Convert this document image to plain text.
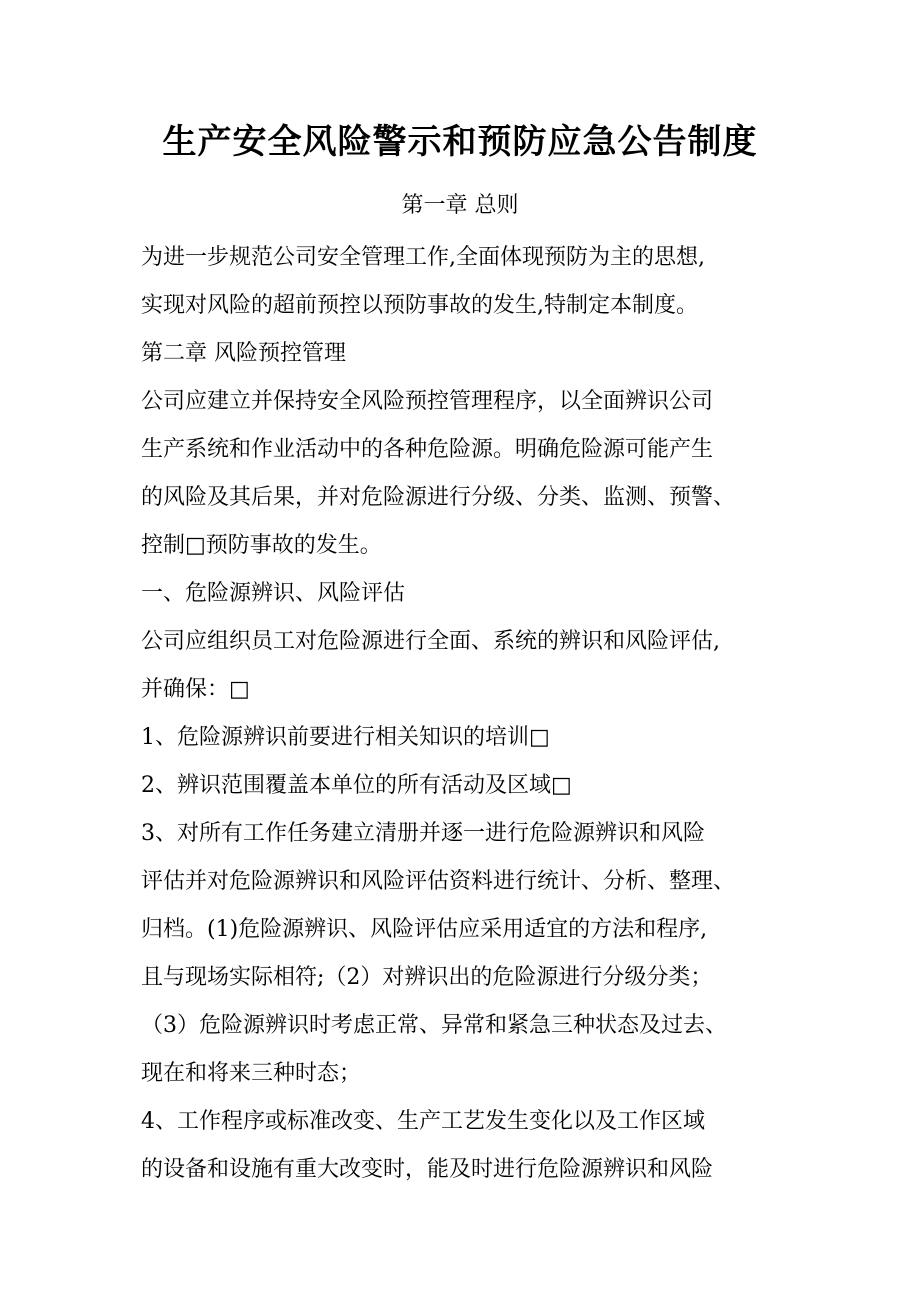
生产安全风险警示和预防应急公告制度
第一章 总则
为进一步规范公司安全管理工作,全面体现预防为主的思想,
实现对风险的超前预控以预防事故的发生,特制定本制度。
第二章 风险预控管理
公司应建立并保持安全风险预控管理程序，以全面辨识公司
生产系统和作业活动中的各种危险源。明确危险源可能产生
的风险及其后果，并对危险源进行分级、分类、监测、预警、
控制□预防事故的发生。
一、危险源辨识、风险评估
公司应组织员工对危险源进行全面、系统的辨识和风险评估,
并确保：□
1、危险源辨识前要进行相关知识的培训□
2、辨识范围覆盖本单位的所有活动及区域□
3、对所有工作任务建立清册并逐一进行危险源辨识和风险
评估并对危险源辨识和风险评估资料进行统计、分析、整理、
归档。(1)危险源辨识、风险评估应采用适宜的方法和程序,
且与现场实际相符;（2）对辨识出的危险源进行分级分类；
（3）危险源辨识时考虑正常、异常和紧急三种状态及过去、
现在和将来三种时态；
4、工作程序或标准改变、生产工艺发生变化以及工作区域
的设备和设施有重大改变时，能及时进行危险源辨识和风险
